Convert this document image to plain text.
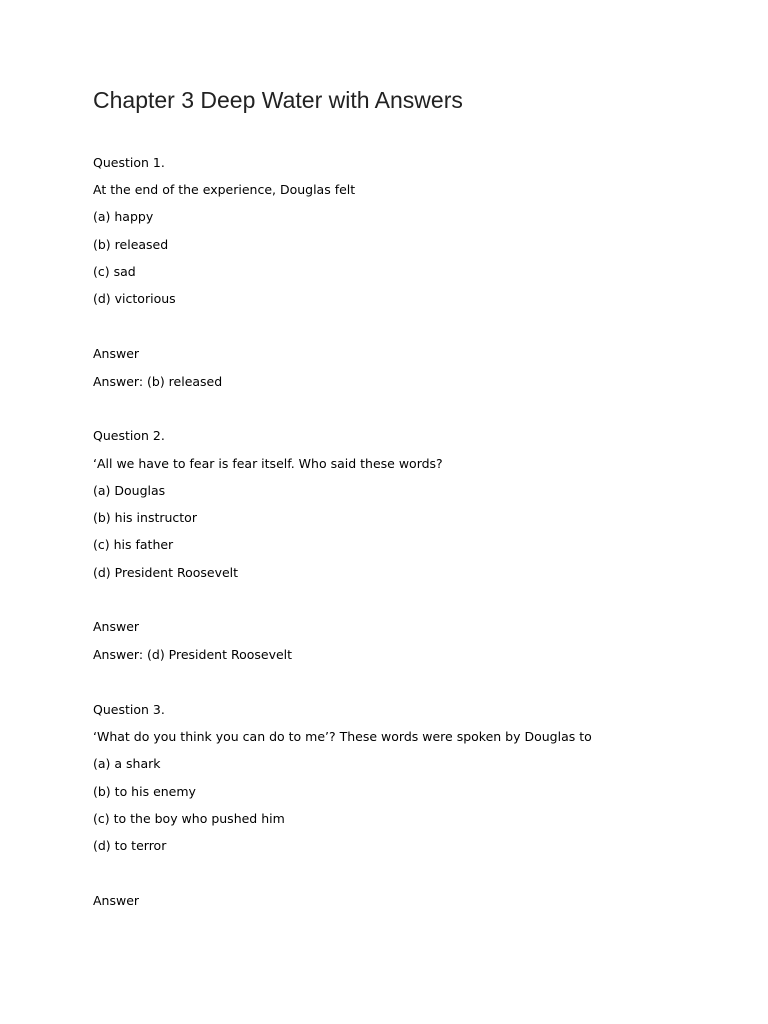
Chapter 3 Deep Water with Answers
Question 1.
At the end of the experience, Douglas felt
(a) happy
(b) released
(c) sad
(d) victorious
Answer
Answer: (b) released
Question 2.
‘All we have to fear is fear itself. Who said these words?
(a) Douglas
(b) his instructor
(c) his father
(d) President Roosevelt
Answer
Answer: (d) President Roosevelt
Question 3.
‘What do you think you can do to me’? These words were spoken by Douglas to
(a) a shark
(b) to his enemy
(c) to the boy who pushed him
(d) to terror
Answer
